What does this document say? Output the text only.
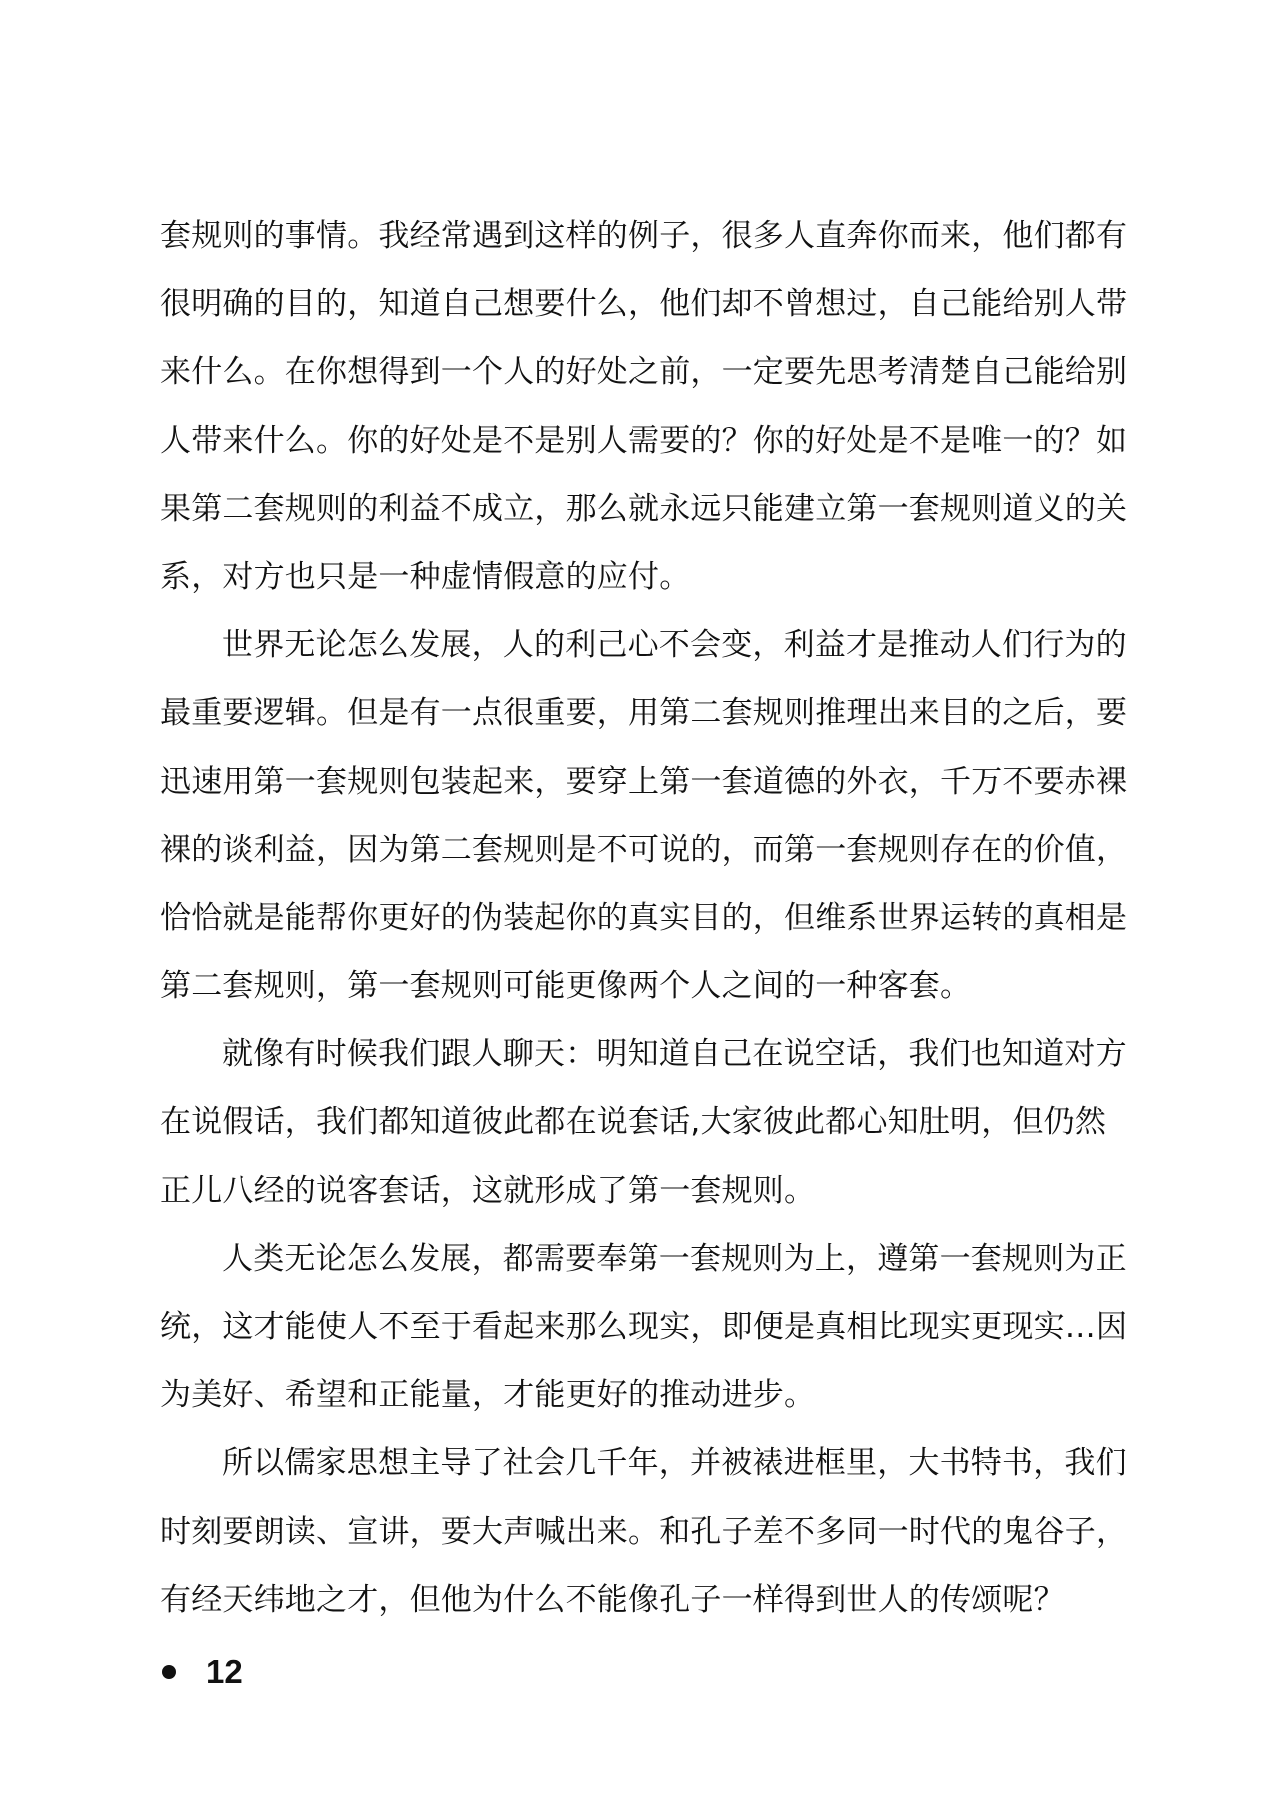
套规则的事情。我经常遇到这样的例子，很多人直奔你而来，他们都有
很明确的目的，知道自己想要什么，他们却不曾想过，自己能给别人带
来什么。在你想得到一个人的好处之前，一定要先思考清楚自己能给别
人带来什么。你的好处是不是别人需要的？你的好处是不是唯一的？如
果第二套规则的利益不成立，那么就永远只能建立第一套规则道义的关
系，对方也只是一种虚情假意的应付。
世界无论怎么发展，人的利己心不会变，利益才是推动人们行为的
最重要逻辑。但是有一点很重要，用第二套规则推理出来目的之后，要
迅速用第一套规则包装起来，要穿上第一套道德的外衣，千万不要赤裸
裸的谈利益，因为第二套规则是不可说的，而第一套规则存在的价值，
恰恰就是能帮你更好的伪装起你的真实目的，但维系世界运转的真相是
第二套规则，第一套规则可能更像两个人之间的一种客套。
就像有时候我们跟人聊天：明知道自己在说空话，我们也知道对方
在说假话，我们都知道彼此都在说套话,大家彼此都心知肚明，但仍然
正儿八经的说客套话，这就形成了第一套规则。
人类无论怎么发展，都需要奉第一套规则为上，遵第一套规则为正
统，这才能使人不至于看起来那么现实，即便是真相比现实更现实…因
为美好、希望和正能量，才能更好的推动进步。
所以儒家思想主导了社会几千年，并被裱进框里，大书特书，我们
时刻要朗读、宣讲，要大声喊出来。和孔子差不多同一时代的鬼谷子，
有经天纬地之才，但他为什么不能像孔子一样得到世人的传颂呢？
12
